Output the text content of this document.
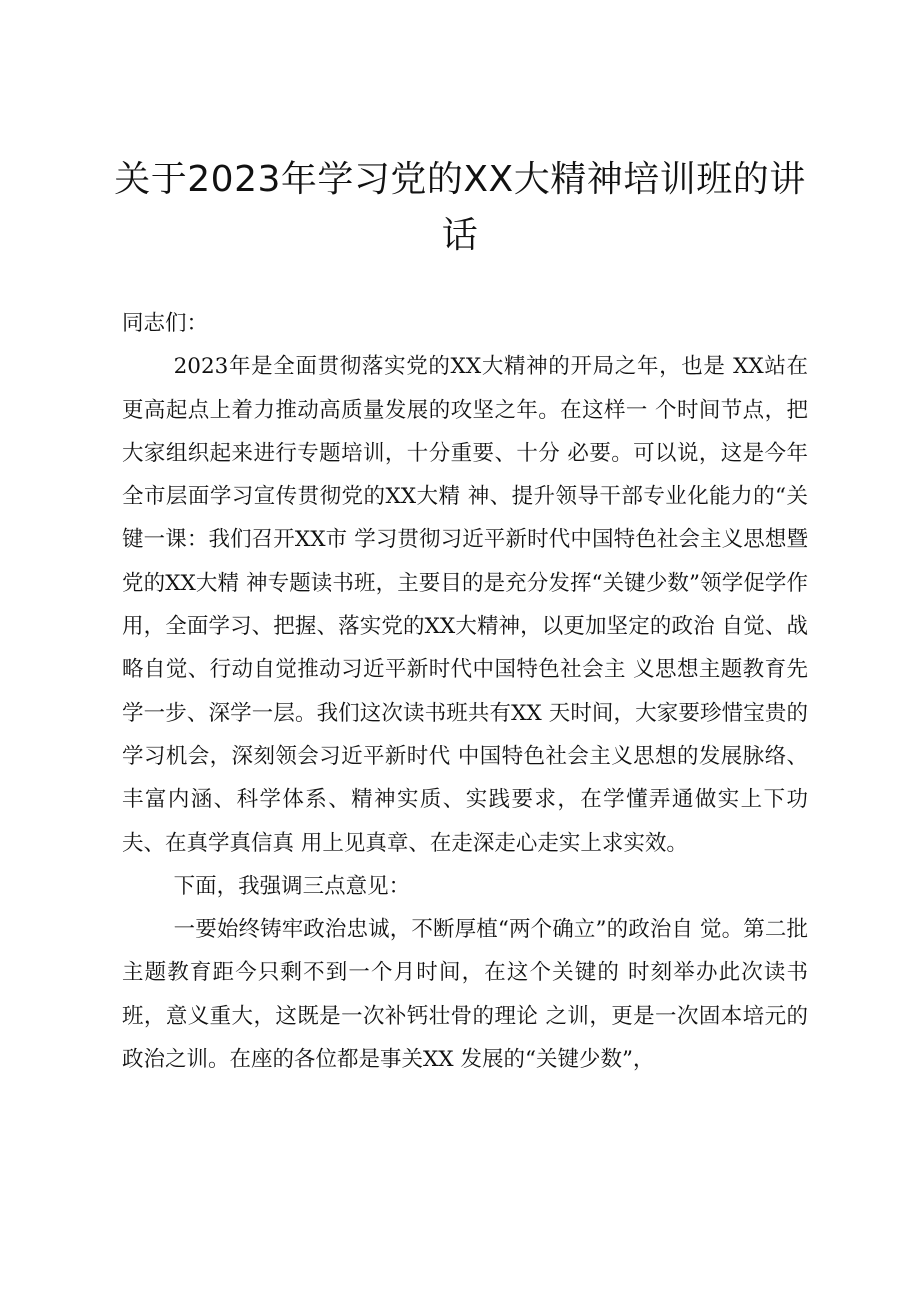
关于2023年学习党的XX大精神培训班的讲话

同志们：

2023年是全面贯彻落实党的XX大精神的开局之年，也是 XX站在更高起点上着力推动高质量发展的攻坚之年。在这样一 个时间节点，把大家组织起来进行专题培训，十分重要、十分 必要。可以说，这是今年全市层面学习宣传贯彻党的XX大精 神、提升领导干部专业化能力的“关键一课：我们召开XX市 学习贯彻习近平新时代中国特色社会主义思想暨党的XX大精 神专题读书班，主要目的是充分发挥“关键少数”领学促学作 用，全面学习、把握、落实党的XX大精神，以更加坚定的政治 自觉、战略自觉、行动自觉推动习近平新时代中国特色社会主 义思想主题教育先学一步、深学一层。我们这次读书班共有XX 天时间，大家要珍惜宝贵的学习机会，深刻领会习近平新时代 中国特色社会主义思想的发展脉络、丰富内涵、科学体系、精神实质、实践要求，在学懂弄通做实上下功夫、在真学真信真 用上见真章、在走深走心走实上求实效。

下面，我强调三点意见：

一要始终铸牢政治忠诚，不断厚植“两个确立”的政治自 觉。第二批主题教育距今只剩不到一个月时间，在这个关键的 时刻举办此次读书班，意义重大，这既是一次补钙壮骨的理论 之训，更是一次固本培元的政治之训。在座的各位都是事关XX 发展的“关键少数”，
